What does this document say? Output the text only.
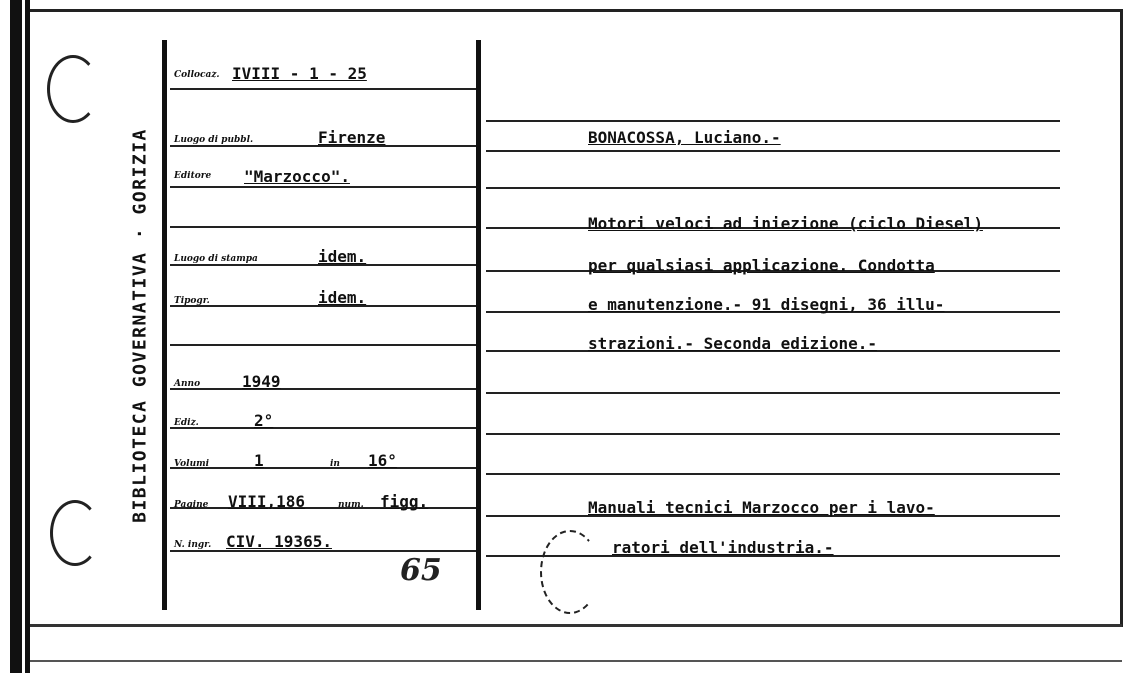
BIBLIOTECA GOVERNATIVA · GORIZIA
Collocaz. IVIII - 1 - 25
Luogo di pubbl.	Firenze
Editore "Marzocco".
Luogo di stampa	idem.
Tipogr.	idem.
Anno	1949
Ediz.	2°
Volumi	1	in 16°
Pagine VIII,186	num. figg.
N. ingr. CIV. 19365.
65
BONACOSSA, Luciano.-
Motori veloci ad iniezione (ciclo Diesel)
per qualsiasi applicazione. Condotta
e manutenzione.- 91 disegni, 36 illu-
strazioni.- Seconda edizione.-
Manuali tecnici Marzocco per i lavo-
ratori dell'industria.-
